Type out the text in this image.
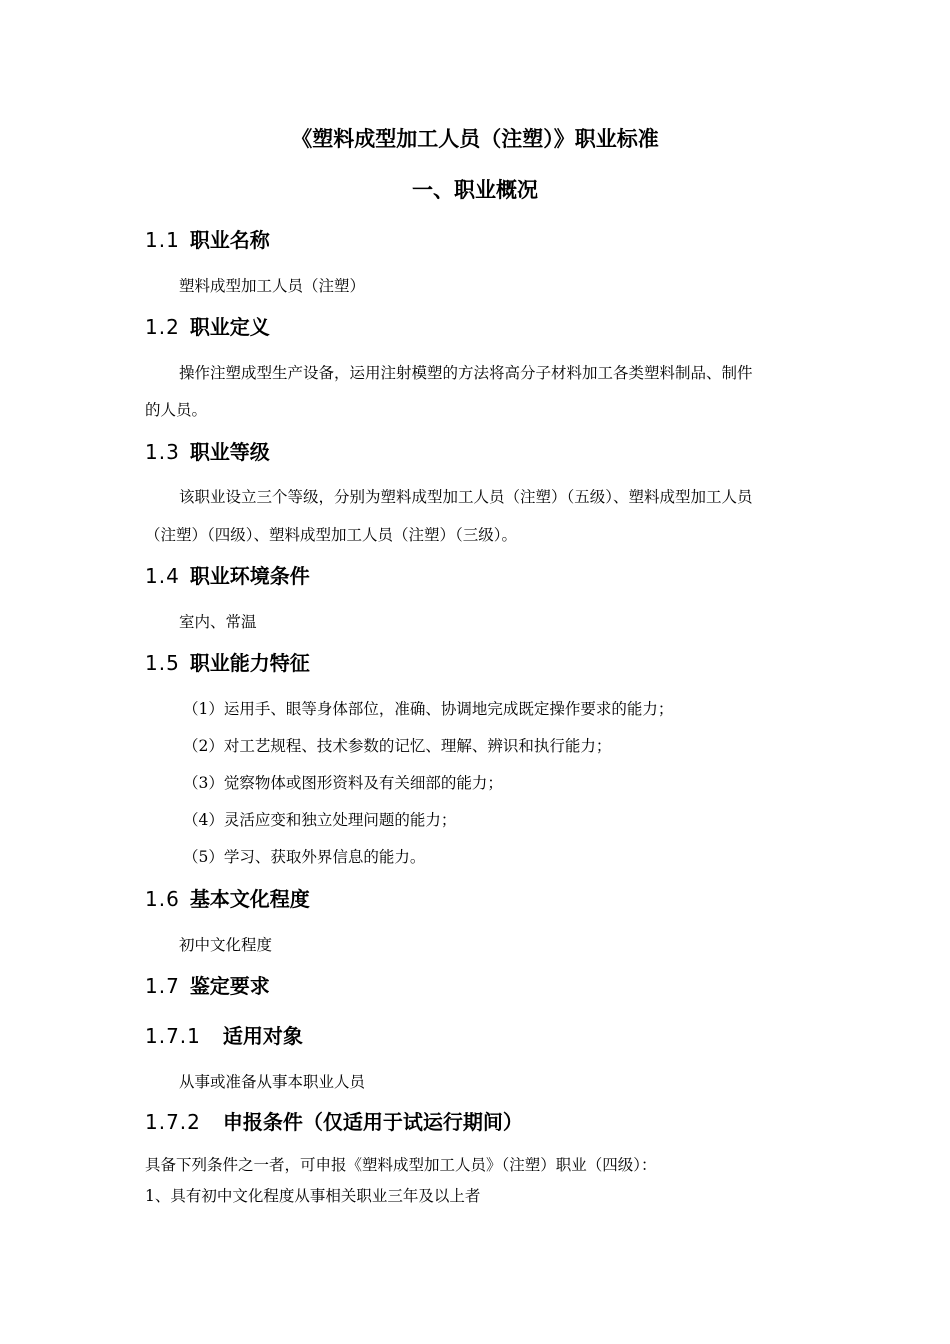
《塑料成型加工人员（注塑）》职业标准
一、职业概况
1.1 职业名称
塑料成型加工人员（注塑）
1.2 职业定义
操作注塑成型生产设备，运用注射模塑的方法将高分子材料加工各类塑料制品、制件
的人员。
1.3 职业等级
该职业设立三个等级，分别为塑料成型加工人员（注塑）（五级）、塑料成型加工人员
（注塑）（四级）、塑料成型加工人员（注塑）（三级）。
1.4 职业环境条件
室内、常温
1.5 职业能力特征
（1）运用手、眼等身体部位，准确、协调地完成既定操作要求的能力；
（2）对工艺规程、技术参数的记忆、理解、辨识和执行能力；
（3）觉察物体或图形资料及有关细部的能力；
（4）灵活应变和独立处理问题的能力；
（5）学习、获取外界信息的能力。
1.6 基本文化程度
初中文化程度
1.7 鉴定要求
1.7.1 适用对象
从事或准备从事本职业人员
1.7.2 申报条件（仅适用于试运行期间）
具备下列条件之一者，可申报《塑料成型加工人员》（注塑）职业（四级）：
1、具有初中文化程度从事相关职业三年及以上者
